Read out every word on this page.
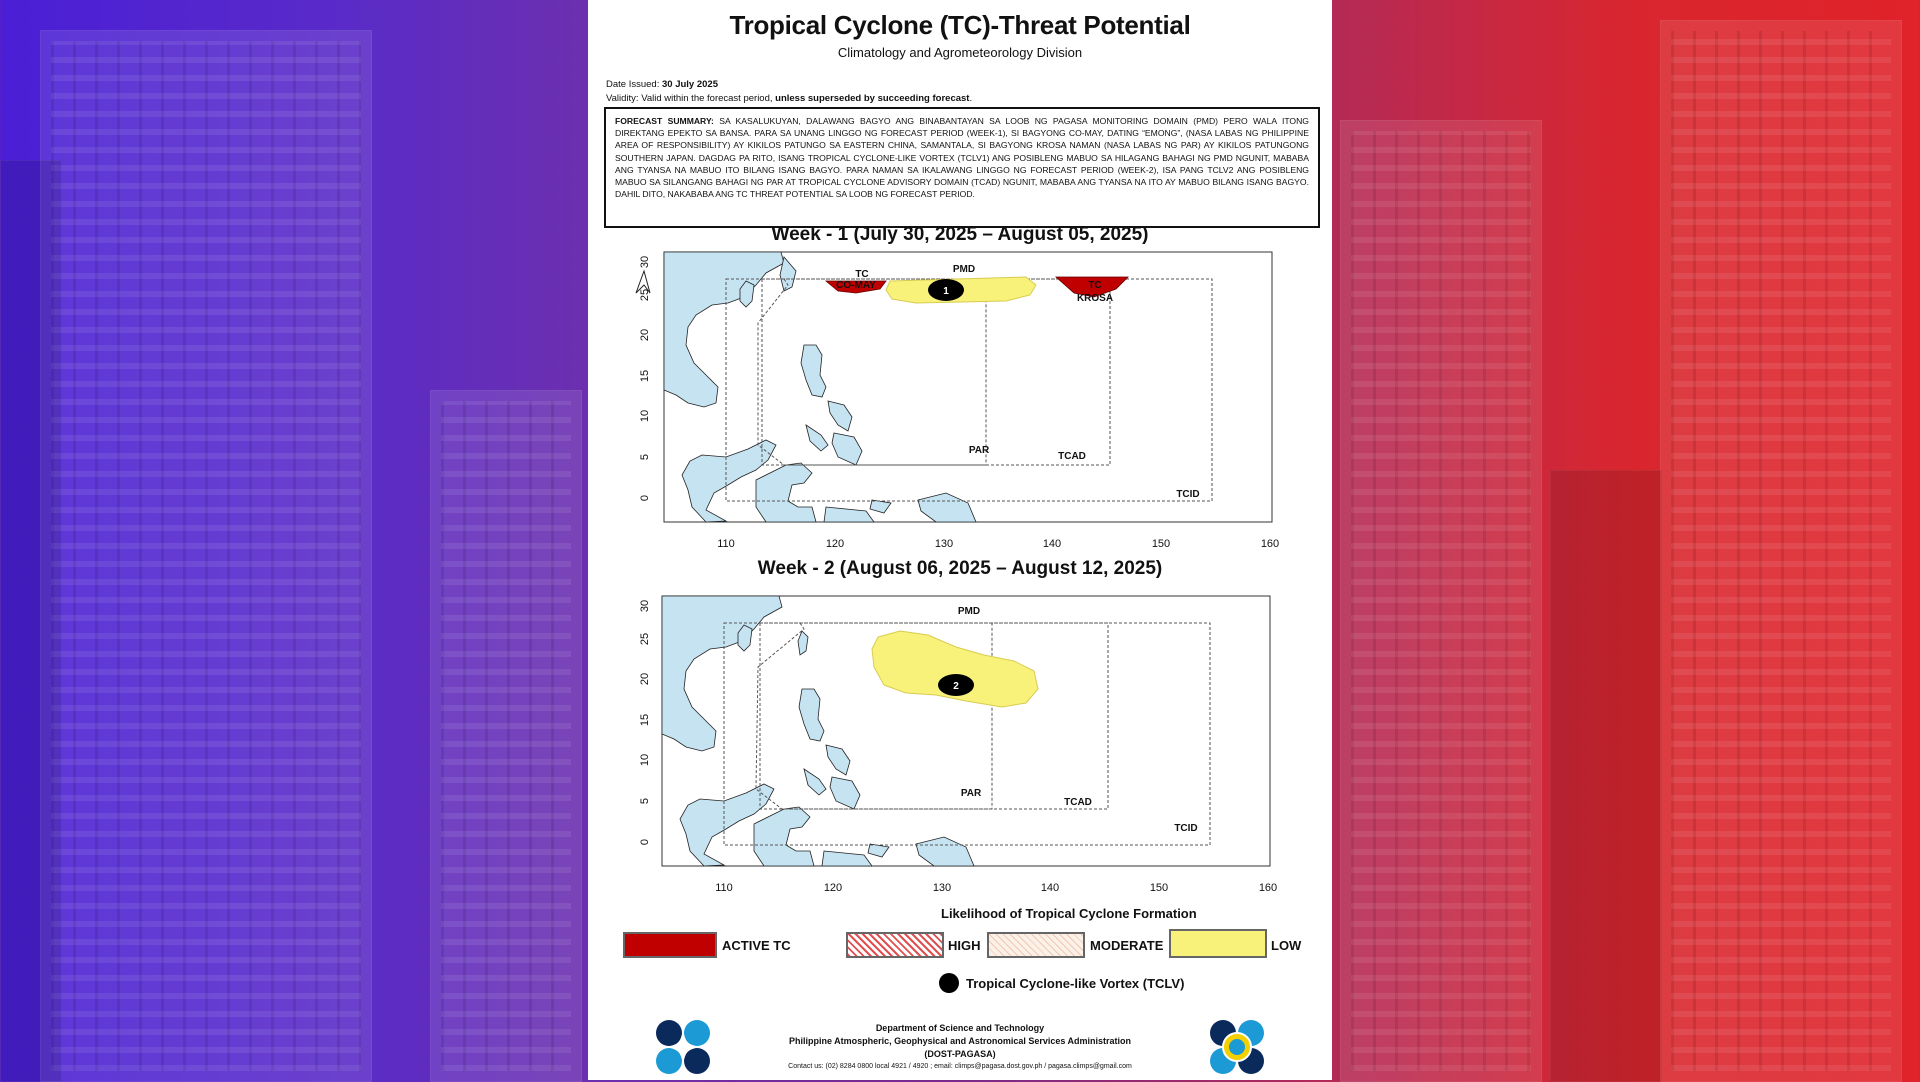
Tropical Cyclone (TC)-Threat Potential
Climatology and Agrometeorology Division
Date Issued: 30 July 2025
Validity: Valid within the forecast period, unless superseded by succeeding forecast.
FORECAST SUMMARY: SA KASALUKUYAN, DALAWANG BAGYO ANG BINABANTAYAN SA LOOB NG PAGASA MONITORING DOMAIN (PMD) PERO WALA ITONG DIREKTANG EPEKTO SA BANSA. PARA SA UNANG LINGGO NG FORECAST PERIOD (WEEK-1), SI BAGYONG CO-MAY, DATING “EMONG”, (NASA LABAS NG PHILIPPINE AREA OF RESPONSIBILITY) AY KIKILOS PATUNGO SA EASTERN CHINA, SAMANTALA, SI BAGYONG KROSA NAMAN (NASA LABAS NG PAR) AY KIKILOS PATUNGONG SOUTHERN JAPAN. DAGDAG PA RITO, ISANG TROPICAL CYCLONE-LIKE VORTEX (TCLV1) ANG POSIBLENG MABUO SA HILAGANG BAHAGI NG PMD NGUNIT, MABABA ANG TYANSA NA MABUO ITO BILANG ISANG BAGYO. PARA NAMAN SA IKALAWANG LINGGO NG FORECAST PERIOD (WEEK-2), ISA PANG TCLV2 ANG POSIBLENG MABUO SA SILANGANG BAHAGI NG PAR AT TROPICAL CYCLONE ADVISORY DOMAIN (TCAD) NGUNIT, MABABA ANG TYANSA NA ITO AY MABUO BILANG ISANG BAGYO. DAHIL DITO, NAKABABA ANG TC THREAT POTENTIAL SA LOOB NG FORECAST PERIOD.
Week - 1 (July 30, 2025 – August 05, 2025)
1
PMD
TC
CO-MAY	TC
KROSA
PAR
TCAD
TCID
30
25
20
15
10
5
0
110	120	130	140	150	160
Week - 2 (August 06, 2025 – August 12, 2025)
2
PMD
PAR
TCAD
TCID
30
25
20
15
10
5
0
110	120	130	140	150	160
Likelihood of Tropical Cyclone Formation
ACTIVE TC	HIGH	MODERATE	LOW
Tropical Cyclone-like Vortex (TCLV)
Department of Science and Technology
Philippine Atmospheric, Geophysical and Astronomical Services Administration
(DOST-PAGASA)
Contact us: (02) 8284 0800 local 4921 / 4920 ; email: climps@pagasa.dost.gov.ph / pagasa.climps@gmail.com
